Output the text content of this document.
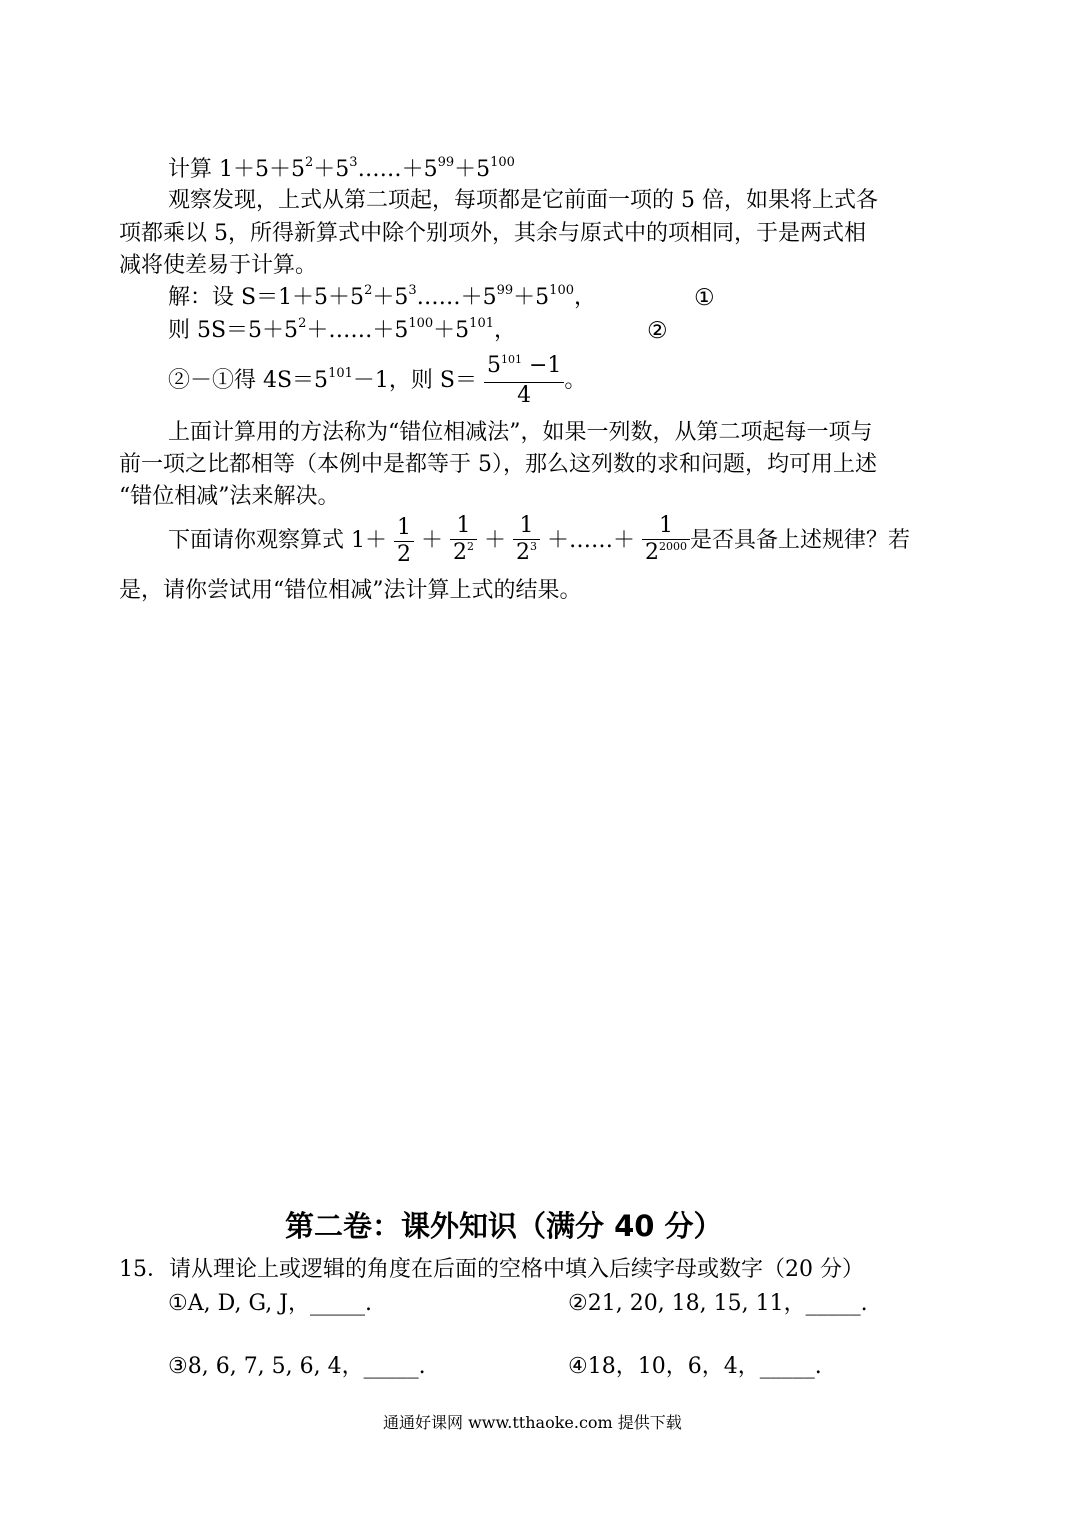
计算 $1+5+5^2+5^3\dots\dots+5^{99}+5^{100}$
观察发现，上式从第二项起，每项都是它前面一项的 5 倍，如果将上式各
项都乘以 5，所得新算式中除个别项外，其余与原式中的项相同，于是两式相
减将使差易于计算。
解：设 $S=1+5+5^2+5^3\dots\dots+5^{99}+5^{100}$，	①
则 $5S=5+5^2+\dots\dots+5^{100}+5^{101}$，	②
②－①得 $4S=5^{101}-1$，则 $S= \frac{5^{101} -1}{4}$ 。
上面计算用的方法称为“错位相减法”，如果一列数，从第二项起每一项与
前一项之比都相等（本例中是都等于 5），那么这列数的求和问题，均可用上述
“错位相减”法来解决。
下面请你观察算式 $1+ \frac{1}{2} + \frac{1}{2^2} + \frac{1}{2^3}$ ＋……＋ $\frac{1}{2^{2000}}$ 是否具备上述规律？若
是，请你尝试用“错位相减”法计算上式的结果。
第二卷：课外知识（满分 40 分）
15．请从理论上或逻辑的角度在后面的空格中填入后续字母或数字（20 分）
①A, D, G, J，_____.	②21, 20, 18, 15, 11，_____.
③8, 6, 7, 5, 6, 4，_____.	④18，10，6，4，_____.
通通好课网 www.tthaoke.com 提供下载
